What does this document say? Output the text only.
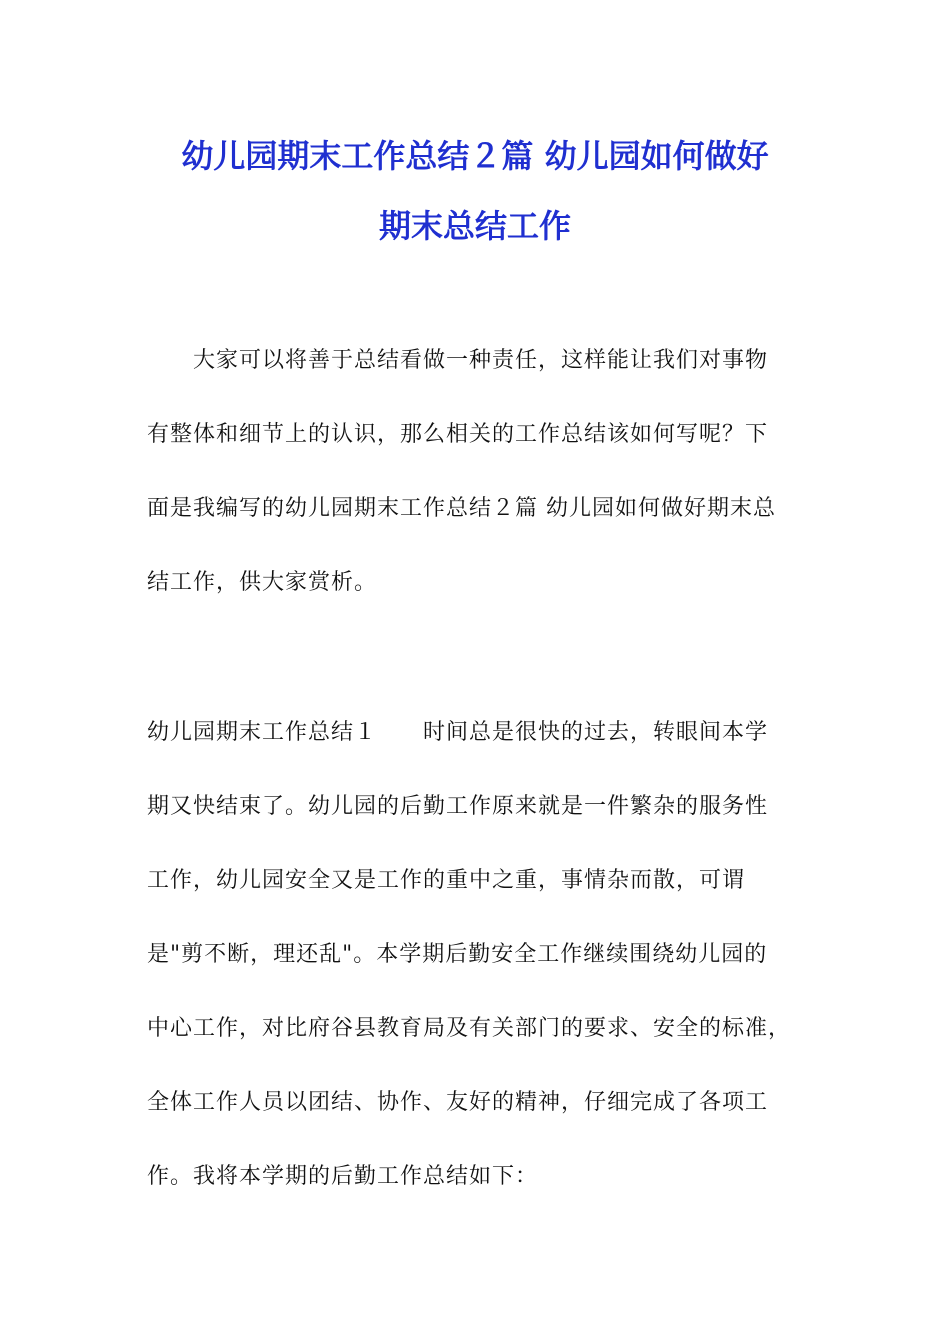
幼儿园期末工作总结２篇 幼儿园如何做好
期末总结工作
大家可以将善于总结看做一种责任，这样能让我们对事物
有整体和细节上的认识，那么相关的工作总结该如何写呢？下
面是我编写的幼儿园期末工作总结２篇 幼儿园如何做好期末总
结工作，供大家赏析。
幼儿园期末工作总结１　　时间总是很快的过去，转眼间本学
期又快结束了。幼儿园的后勤工作原来就是一件繁杂的服务性
工作，幼儿园安全又是工作的重中之重，事情杂而散，可谓
是"剪不断，理还乱"。本学期后勤安全工作继续围绕幼儿园的
中心工作，对比府谷县教育局及有关部门的要求、安全的标准，
全体工作人员以团结、协作、友好的精神，仔细完成了各项工
作。我将本学期的后勤工作总结如下：
